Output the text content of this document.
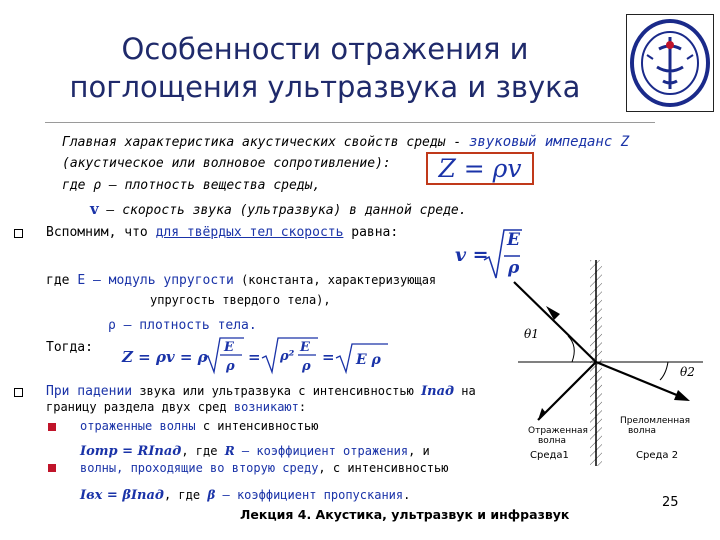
Особенности отражения и
поглощения ультразвука и звука
Главная характеристика акустических свойств среды - звуковый импеданс Z
(акустическое или волновое сопротивление):	Z = ρv
где ρ – плотность вещества среды,
v – скорость звука (ультразвука) в данной среде.
Вспомним, что для твёрдых тел скорость равна:
v =
E
ρ
где Е – модуль упругости (константа, характеризующая
упругость твердого тела),
ρ – плотность тела.
Тогда:
Z = ρv = ρ
E
ρ
= ρ²
E
ρ
= E ρ
При падении звука или ультразвука с интенсивностью Iпад на
границу раздела двух сред возникают:
отраженные волны с интенсивностью
Iотр = RIпад, где R – коэффициент отражения, и
волны, проходящие во вторую среду, с интенсивностью
Iвх = βIпад, где β – коэффициент пропускания.
θ1
θ2
Отраженная
волна
Преломленная
волна
Среда1	Среда 2
Лекция 4. Акустика, ультразвук и инфразвук
25
